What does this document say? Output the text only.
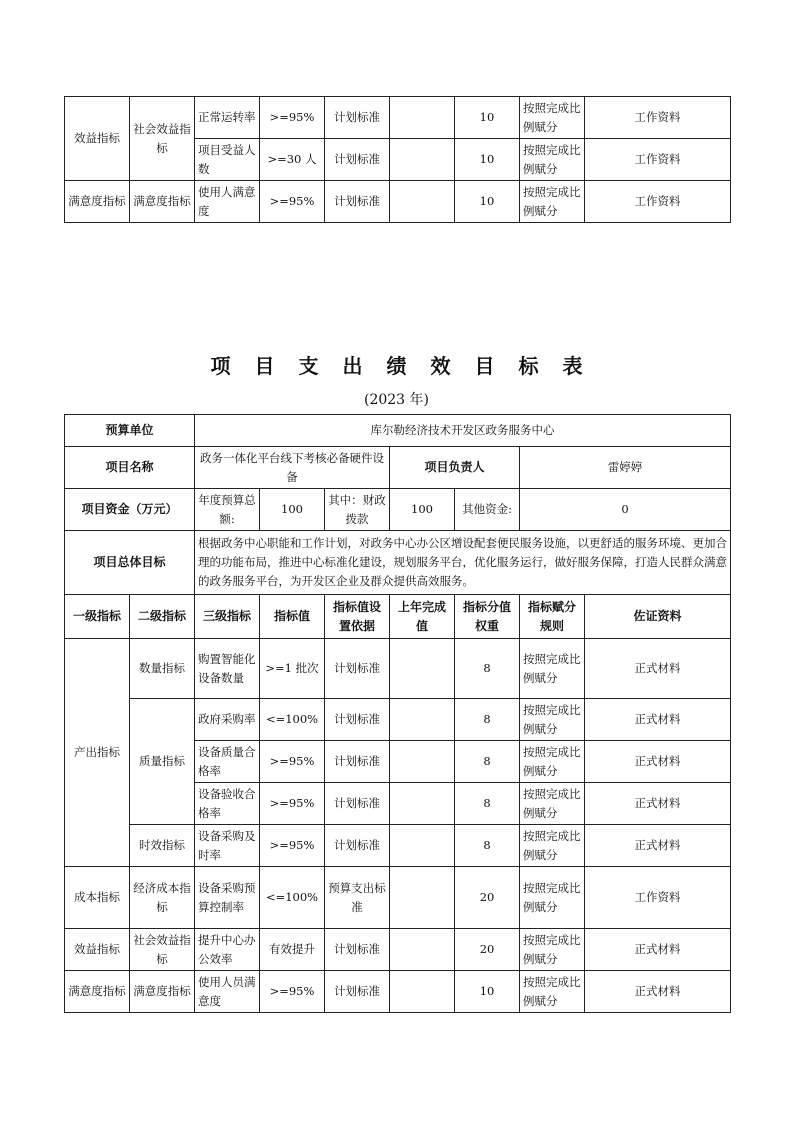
效益指标	社会效益指标	正常运转率	>=95%	计划标准		10	按照完成比例赋分	工作资料
		项目受益人数	>=30 人	计划标准		10	按照完成比例赋分	工作资料
满意度指标	满意度指标	使用人满意度	>=95%	计划标准		10	按照完成比例赋分	工作资料
项目支出绩效目标表
(2023 年)
预算单位		库尔勒经济技术开发区政务服务中心						
项目名称		政务一体化平台线下考核必备硬件设备			项目负责人		雷婷婷	
项目资金（万元）		年度预算总额:	100	其中：财政拨款	100	其他资金:	0	
项目总体目标		根据政务中心职能和工作计划，对政务中心办公区增设配套便民服务设施，以更舒适的服务环境、更加合理的功能布局，推进中心标准化建设，规划服务平台，优化服务运行，做好服务保障，打造人民群众满意的政务服务平台，为开发区企业及群众提供高效服务。						
一级指标	二级指标	三级指标	指标值	指标值设置依据	上年完成值	指标分值权重	指标赋分规则	佐证资料
产出指标	数量指标	购置智能化设备数量	>=1 批次	计划标准		8	按照完成比例赋分	正式材料
	质量指标	政府采购率	<=100%	计划标准		8	按照完成比例赋分	正式材料
		设备质量合格率	>=95%	计划标准		8	按照完成比例赋分	正式材料
		设备验收合格率	>=95%	计划标准		8	按照完成比例赋分	正式材料
	时效指标	设备采购及时率	>=95%	计划标准		8	按照完成比例赋分	正式材料
成本指标	经济成本指标	设备采购预算控制率	<=100%	预算支出标准		20	按照完成比例赋分	工作资料
效益指标	社会效益指标	提升中心办公效率	有效提升	计划标准		20	按照完成比例赋分	正式材料
满意度指标	满意度指标	使用人员满意度	>=95%	计划标准		10	按照完成比例赋分	正式材料
